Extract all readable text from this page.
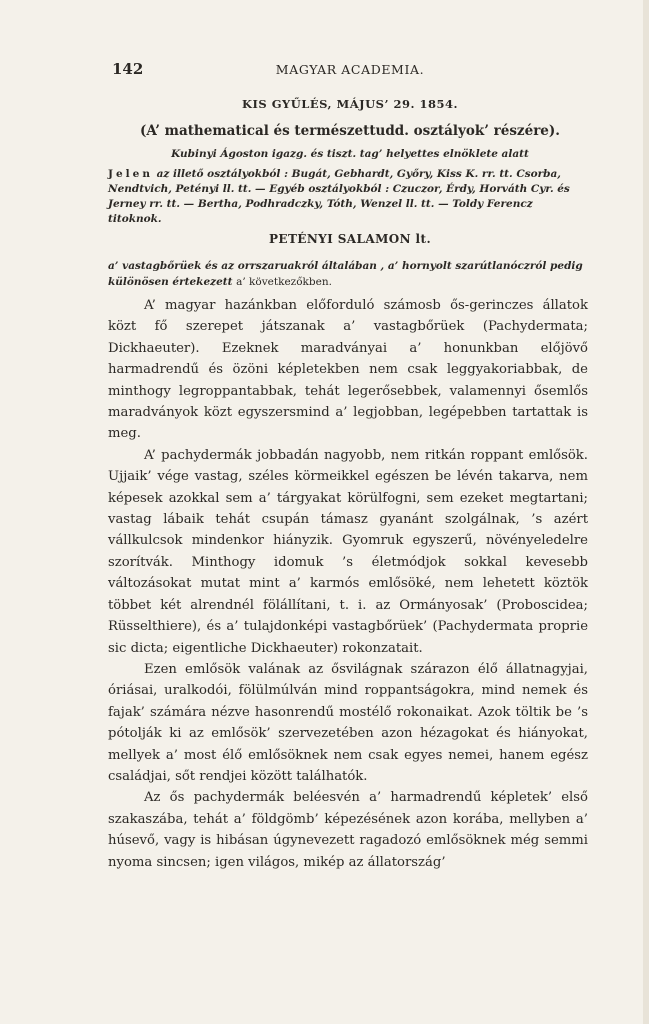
142	MAGYAR ACADEMIA.
KIS GYŰLÉS, MÁJUS’ 29. 1854.
(A’ mathematical és természettudd. osztályok’ részére).
Kubinyi Ágoston igazg. és tiszt. tag’ helyettes elnöklete alatt

Jelen az illető osztályokból : Bugát, Gebhardt, Győry, Kiss K. rr. tt. Csorba, Nendtvich, Petényi ll. tt. — Egyéb osztályokból : Czuczor, Érdy, Horváth Cyr. és Jerney rr. tt. — Bertha, Podhradczky, Tóth, Wenzel ll. tt. — Toldy Ferencz titoknok.

PETÉNYI SALAMON lt.

a’ vastagbőrüek és az orrszaruakról általában , a’ hornyolt szarútlanóczról pedig különösen értekezett a’ következőkben.

A’ magyar hazánkban előforduló számosb ős-gerinczes állatok közt fő szerepet játszanak a’ vastagbőrüek (Pachydermata; Dickhaeuter). Ezeknek maradványai a’ honunkban előjövő harmadrendű és özöni képletekben nem csak leggyakoriabbak, de minthogy legroppantabbak, tehát legerősebbek, valamennyi ősemlős maradványok közt egyszersmind a’ legjobban, legépebben tartattak is meg.

A’ pachydermák jobbadán nagyobb, nem ritkán roppant emlősök. Ujjaik’ vége vastag, széles körmeikkel egészen be lévén takarva, nem képesek azokkal sem a’ tárgyakat körülfogni, sem ezeket megtartani; vastag lábaik tehát csupán támasz gyanánt szolgálnak, ’s azért vállkulcsok mindenkor hiányzik. Gyomruk egyszerű, növényeledelre szorítvák. Minthogy idomuk ’s életmódjok sokkal kevesebb változásokat mutat mint a’ karmós emlősöké, nem lehetett köztök többet két alrendnél fölállítani, t. i. az Ormányosak’ (Proboscidea; Rüsselthiere), és a’ tulajdonképi vastagbőrüek’ (Pachydermata proprie sic dicta; eigentliche Dickhaeuter) rokonzatait.

Ezen emlősök valának az ősvilágnak szárazon élő állatnagyjai, óriásai, uralkodói, fölülmúlván mind roppantságokra, mind nemek és fajak’ számára nézve hasonrendű mostélő rokonaikat. Azok töltik be ’s pótolják ki az emlősök’ szervezetében azon hézagokat és hiányokat, mellyek a’ most élő emlősöknek nem csak egyes nemei, hanem egész családjai, sőt rendjei között találhatók.

Az ős pachydermák beléesvén a’ harmadrendű képletek’ első szakaszába, tehát a’ földgömb’ képezésének azon korába, mellyben a’ húsevő, vagy is hibásan úgynevezett ragadozó emlősöknek még semmi nyoma sincsen; igen világos, mikép az állatország’
